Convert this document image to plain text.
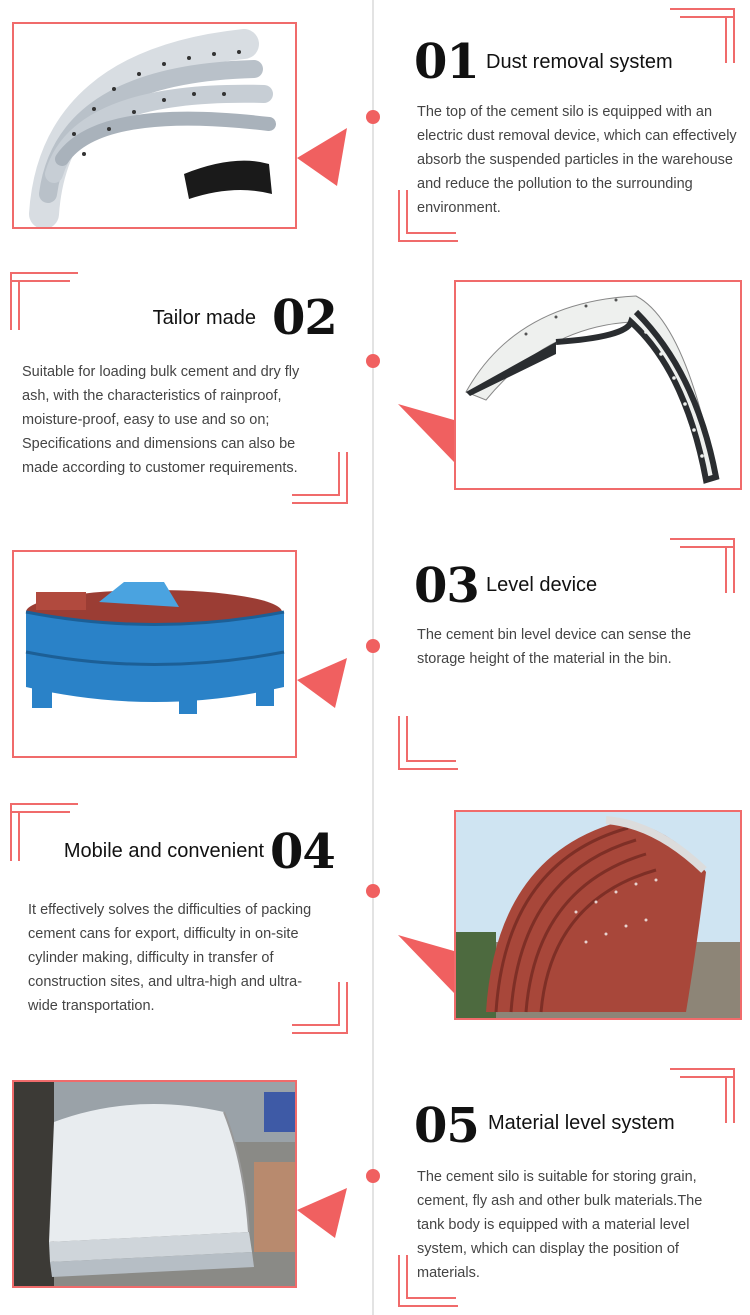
01 Dust removal system
The top of the cement silo is equipped with an electric dust removal device, which can effectively absorb the suspended particles in the warehouse and reduce the pollution to the surrounding environment.
Tailor made 02
Suitable for loading bulk cement and dry fly ash, with the characteristics of rainproof, moisture-proof, easy to use and so on; Specifications and dimensions can also be made according to customer requirements.
03 Level device
The cement bin level device can sense the storage height of the material in the bin.
Mobile and convenient 04
It effectively solves the difficulties of packing cement cans for export, difficulty in on-site cylinder making, difficulty in transfer of construction sites, and ultra-high and ultra-wide transportation.
05 Material level system
The cement silo is suitable for storing grain, cement, fly ash and other bulk materials.The tank body is equipped with a material level system, which can display the position of materials.
